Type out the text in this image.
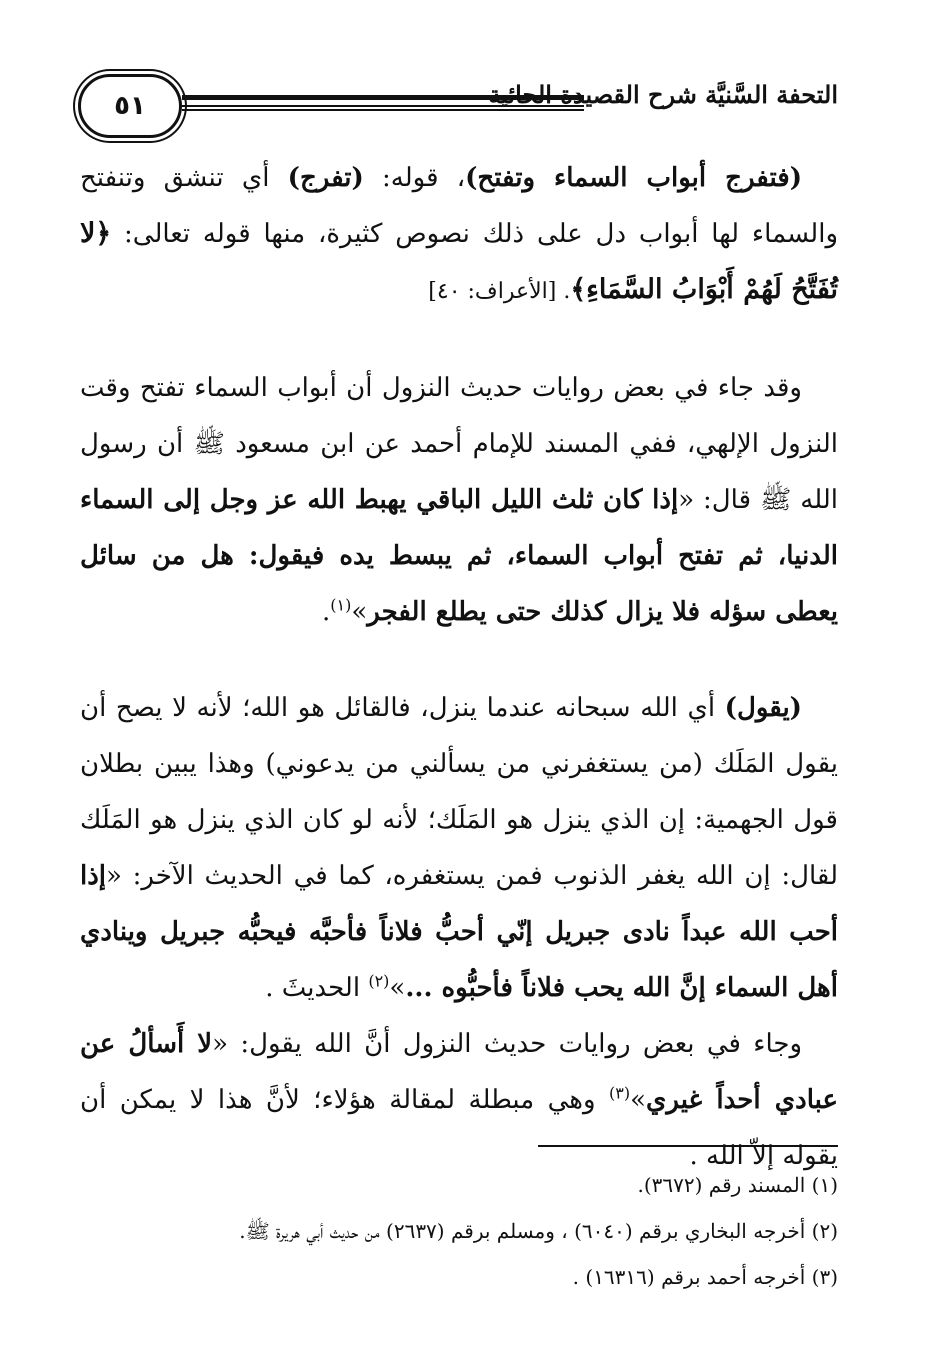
٥١	التحفة السَّنيَّة شرح القصيدة الحائية

(فتفرج أبواب السماء وتفتح)، قوله: (تفرج) أي تنشق وتنفتح والسماء لها أبواب دل على ذلك نصوص كثيرة، منها قوله تعالى: ﴿لا تُفَتَّحُ لَهُمْ أَبْوَابُ السَّمَاءِ﴾. [الأعراف: ٤٠]

وقد جاء في بعض روايات حديث النزول أن أبواب السماء تفتح وقت النزول الإلهي، ففي المسند للإمام أحمد عن ابن مسعود ﷺ أن رسول الله ﷺ قال: «إذا كان ثلث الليل الباقي يهبط الله عز وجل إلى السماء الدنيا، ثم تفتح أبواب السماء، ثم يبسط يده فيقول: هل من سائل يعطى سؤله فلا يزال كذلك حتى يطلع الفجر»$^{(١)}$.

(يقول) أي الله سبحانه عندما ينزل، فالقائل هو الله؛ لأنه لا يصح أن يقول المَلَك (من يستغفرني من يسألني من يدعوني) وهذا يبين بطلان قول الجهمية: إن الذي ينزل هو المَلَك؛ لأنه لو كان الذي ينزل هو المَلَك لقال: إن الله يغفر الذنوب فمن يستغفره، كما في الحديث الآخر: «إذا أحب الله عبداً نادى جبريل إنّي أحبُّ فلاناً فأحبَّه فيحبُّه جبريل وينادي أهل السماء إنَّ الله يحب فلاناً فأحبُّوه ...»$^{(٢)}$ الحديثَ .

وجاء في بعض روايات حديث النزول أنَّ الله يقول: «لا أَسألُ عن عبادي أحداً غيري»$^{(٣)}$ وهي مبطلة لمقالة هؤلاء؛ لأنَّ هذا لا يمكن أن يقوله إلاّ الله .

(١) المسند رقم (٣٦٧٢).

(٢) أخرجه البخاري برقم (٦٠٤٠) ، ومسلم برقم (٢٦٣٧) من حديث أبي هريرة ﷺ.

(٣) أخرجه أحمد برقم (١٦٣١٦) .
